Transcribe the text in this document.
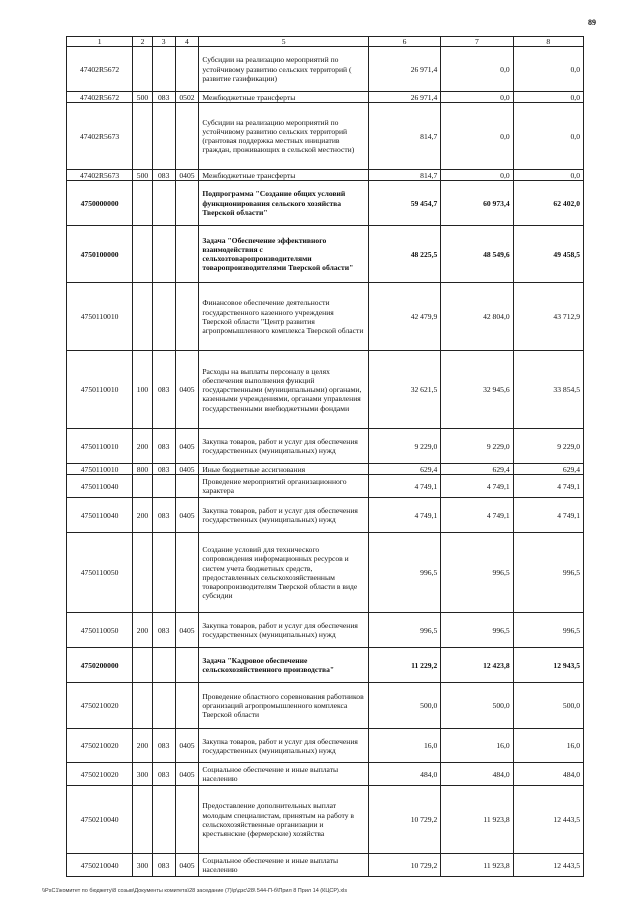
89
1	2	3	4	5	6	7	8
47402R5672				Субсидии на реализацию мероприятий по устойчивому развитию сельских территорий ( развитие газификации)	26 971,4	0,0	0,0
47402R5672	500	083	0502	Межбюджетные трансферты	26 971,4	0,0	0,0
47402R5673				Субсидии на реализацию мероприятий по устойчивому развитию сельских территорий (грантовая поддержка местных инициатив граждан, проживающих в сельской местности)	814,7	0,0	0,0
47402R5673	500	083	0405	Межбюджетные трансферты	814,7	0,0	0,0
4750000000				Подпрограмма "Создание общих условий функционирования сельского хозяйства Тверской области"	59 454,7	60 973,4	62 402,0
4750100000				Задача "Обеспечение эффективного взаимодействия с сельхозтоваропроизводителями товаропроизводителями Тверской области"	48 225,5	48 549,6	49 458,5
4750110010				Финансовое обеспечение деятельности государственного казенного учреждения Тверской области "Центр развития агропромышленного комплекса Тверской области	42 479,9	42 804,0	43 712,9
4750110010	100	083	0405	Расходы на выплаты персоналу в целях обеспечения выполнения функций государственными (муниципальными) органами, казенными учреждениями, органами управления государственными внебюджетными фондами	32 621,5	32 945,6	33 854,5
4750110010	200	083	0405	Закупка товаров, работ и услуг для обеспечения государственных (муниципальных) нужд	9 229,0	9 229,0	9 229,0
4750110010	800	083	0405	Иные бюджетные ассигнования	629,4	629,4	629,4
4750110040				Проведение мероприятий организационного характера	4 749,1	4 749,1	4 749,1
4750110040	200	083	0405	Закупка товаров, работ и услуг для обеспечения государственных (муниципальных) нужд	4 749,1	4 749,1	4 749,1
4750110050				Создание условий для технического сопровождения информационных ресурсов и систем учета бюджетных средств, предоставленных сельскохозяйственным товаропроизводителям Тверской области в виде субсидии	996,5	996,5	996,5
4750110050	200	083	0405	Закупка товаров, работ и услуг для обеспечения государственных (муниципальных) нужд	996,5	996,5	996,5
4750200000				Задача "Кадровое обеспечение сельскохозяйственного производства"	11 229,2	12 423,8	12 943,5
4750210020				Проведение областного соревнования работников организаций агропромышленного комплекса Тверской области	500,0	500,0	500,0
4750210020	200	083	0405	Закупка товаров, работ и услуг для обеспечения государственных (муниципальных) нужд	16,0	16,0	16,0
4750210020	300	083	0405	Социальное обеспечение и иные выплаты населению	484,0	484,0	484,0
4750210040				Предоставление дополнительных выплат молодым специалистам, принятым на работу в сельскохозяйственные организации и крестьянские (фермерские) хозяйства	10 729,2	11 923,8	12 443,5
4750210040	300	083	0405	Социальное обеспечение и иные выплаты населению	10 729,2	11 923,8	12 443,5
\\PsC1\комитет по бюджету\8 созыв\Документы комитета\28 заседание (7)\р\дзс\28\ 544-П-б\Прил 8 Прил 14 (КЦСР).xls
